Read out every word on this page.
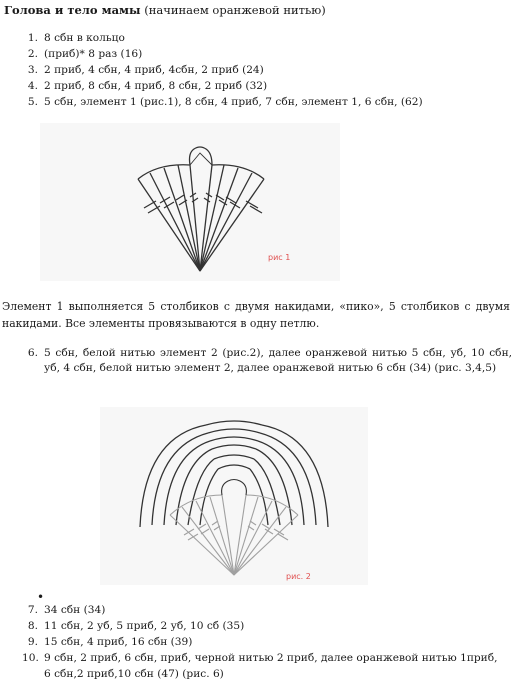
Голова и тело мамы (начинаем оранжевой нитью)
1. 8 сбн в кольцо
2. (приб)* 8 раз (16)
3. 2 приб, 4 сбн, 4 приб, 4сбн, 2 приб (24)
4. 2 приб, 8 сбн, 4 приб, 8 сбн, 2 приб (32)
5. 5 сбн, элемент 1 (рис.1), 8 сбн, 4 приб, 7 сбн, элемент 1, 6 сбн, (62)
рис 1
Элемент 1 выполняется 5 столбиков с двумя накидами, «пико», 5 столбиков с двумя накидами. Все элементы провязываются в одну петлю.
6. 5 сбн, белой нитью элемент 2 (рис.2), далее оранжевой нитью 5 сбн, уб, 10 сбн, уб, 4 сбн, белой нитью элемент 2, далее оранжевой нитью 6 сбн (34) (рис. 3,4,5)
рис. 2
•
7. 34 сбн (34)
8. 11 сбн, 2 уб, 5 приб, 2 уб, 10 сб (35)
9. 15 сбн, 4 приб, 16 сбн (39)
10. 9 сбн, 2 приб, 6 сбн, приб, черной нитью 2 приб, далее оранжевой нитью 1приб,
6 сбн,2 приб,10 сбн (47) (рис. 6)
